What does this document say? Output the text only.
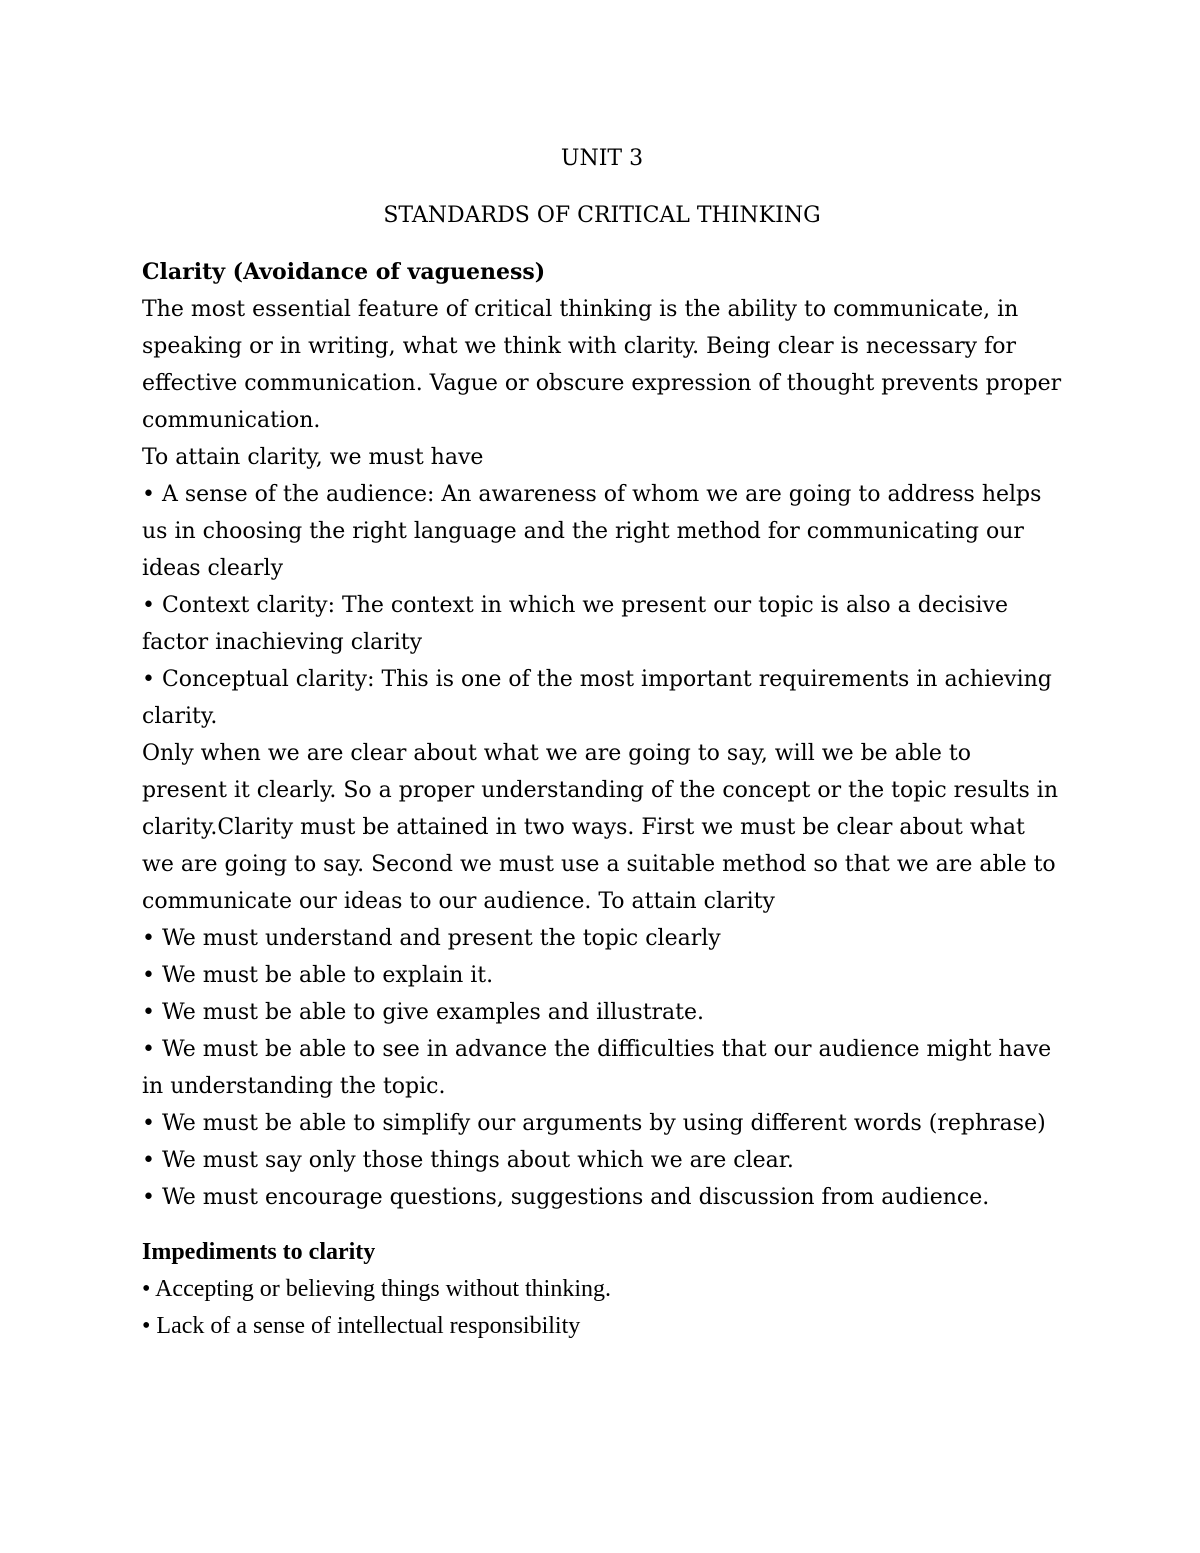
UNIT 3
STANDARDS OF CRITICAL THINKING
Clarity (Avoidance of vagueness)

The most essential feature of critical thinking is the ability to communicate, in speaking or in writing, what we think with clarity. Being clear is necessary for effective communication. Vague or obscure expression of thought prevents proper communication.

To attain clarity, we must have

• A sense of the audience: An awareness of whom we are going to address helps us in choosing the right language and the right method for communicating our ideas clearly

• Context clarity: The context in which we present our topic is also a decisive factor inachieving clarity

• Conceptual clarity: This is one of the most important requirements in achieving clarity.

Only when we are clear about what we are going to say, will we be able to present it clearly. So a proper understanding of the concept or the topic results in clarity.Clarity must be attained in two ways. First we must be clear about what we are going to say. Second we must use a suitable method so that we are able to communicate our ideas to our audience. To attain clarity

• We must understand and present the topic clearly

• We must be able to explain it.

• We must be able to give examples and illustrate.

• We must be able to see in advance the difficulties that our audience might have in understanding the topic.

• We must be able to simplify our arguments by using different words (rephrase)

• We must say only those things about which we are clear.

• We must encourage questions, suggestions and discussion from audience.

Impediments to clarity

• Accepting or believing things without thinking.

• Lack of a sense of intellectual responsibility
